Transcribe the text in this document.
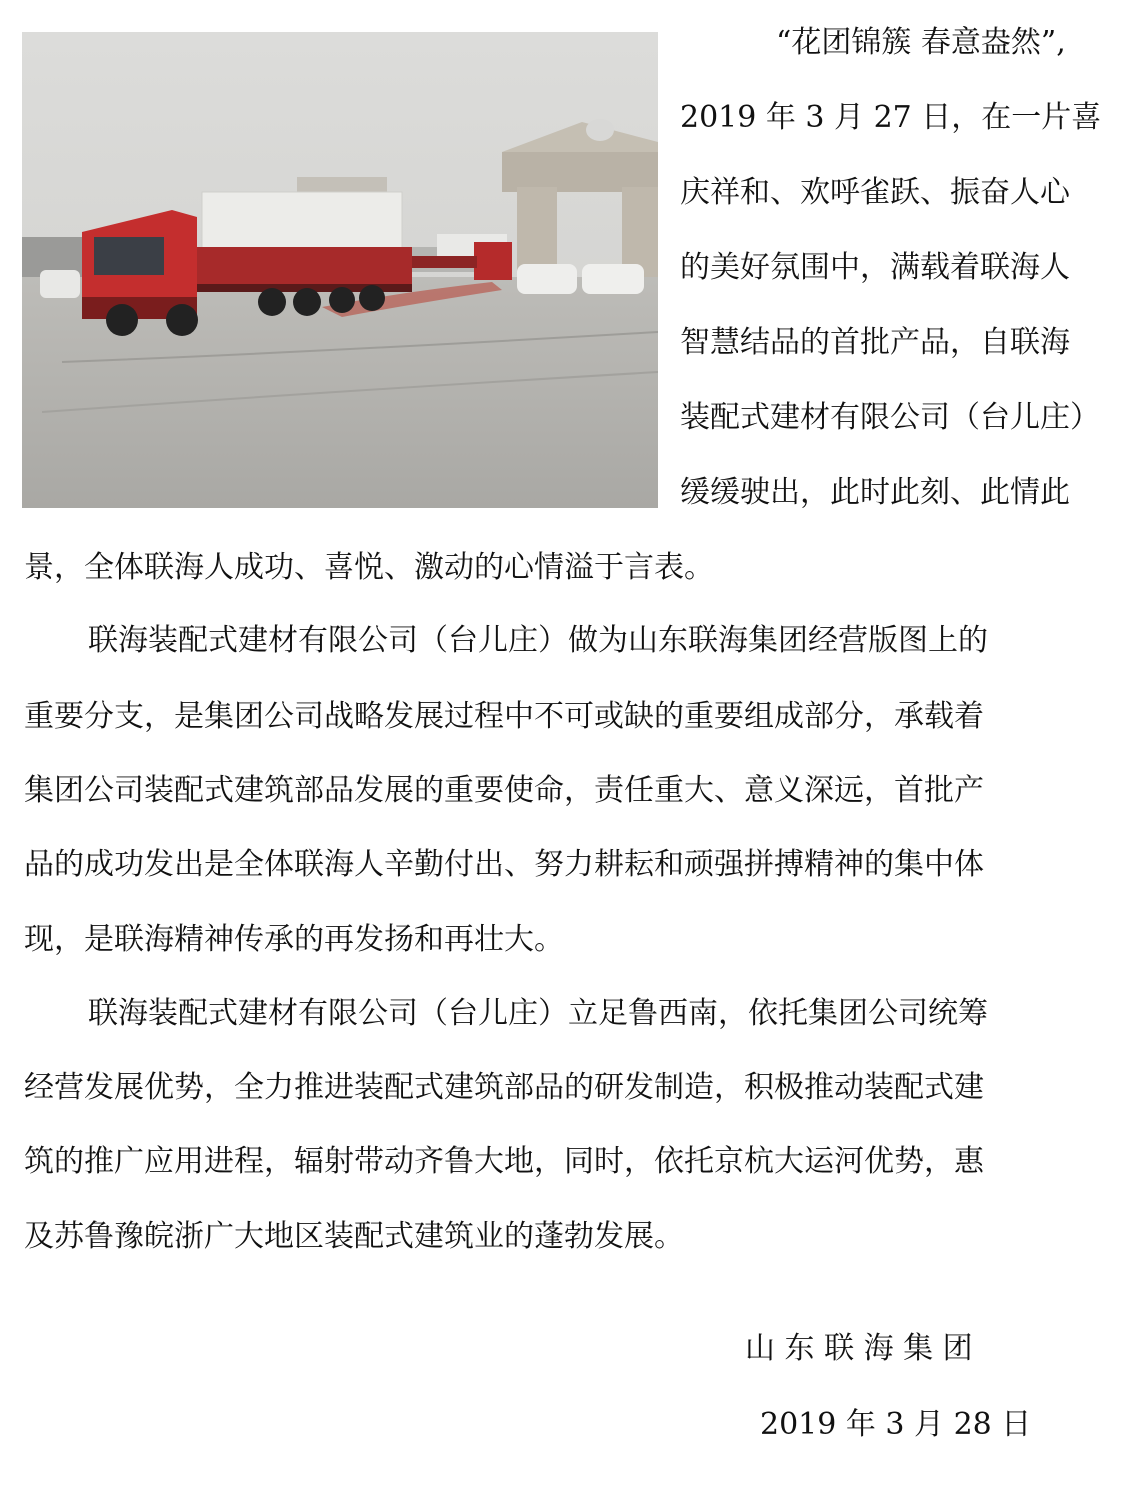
“花团锦簇 春意盎然”,
2019 年 3 月 27 日，在一片喜
庆祥和、欢呼雀跃、振奋人心
的美好氛围中，满载着联海人
智慧结品的首批产品，自联海
装配式建材有限公司（台儿庄）
缓缓驶出，此时此刻、此情此
景，全体联海人成功、喜悦、激动的心情溢于言表。
联海装配式建材有限公司（台儿庄）做为山东联海集团经营版图上的
重要分支，是集团公司战略发展过程中不可或缺的重要组成部分，承载着
集团公司装配式建筑部品发展的重要使命，责任重大、意义深远，首批产
品的成功发出是全体联海人辛勤付出、努力耕耘和顽强拼搏精神的集中体
现，是联海精神传承的再发扬和再壮大。
联海装配式建材有限公司（台儿庄）立足鲁西南，依托集团公司统筹
经营发展优势，全力推进装配式建筑部品的研发制造，积极推动装配式建
筑的推广应用进程，辐射带动齐鲁大地，同时，依托京杭大运河优势，惠
及苏鲁豫皖浙广大地区装配式建筑业的蓬勃发展。
山 东 联 海 集 团
2019 年 3 月 28 日
